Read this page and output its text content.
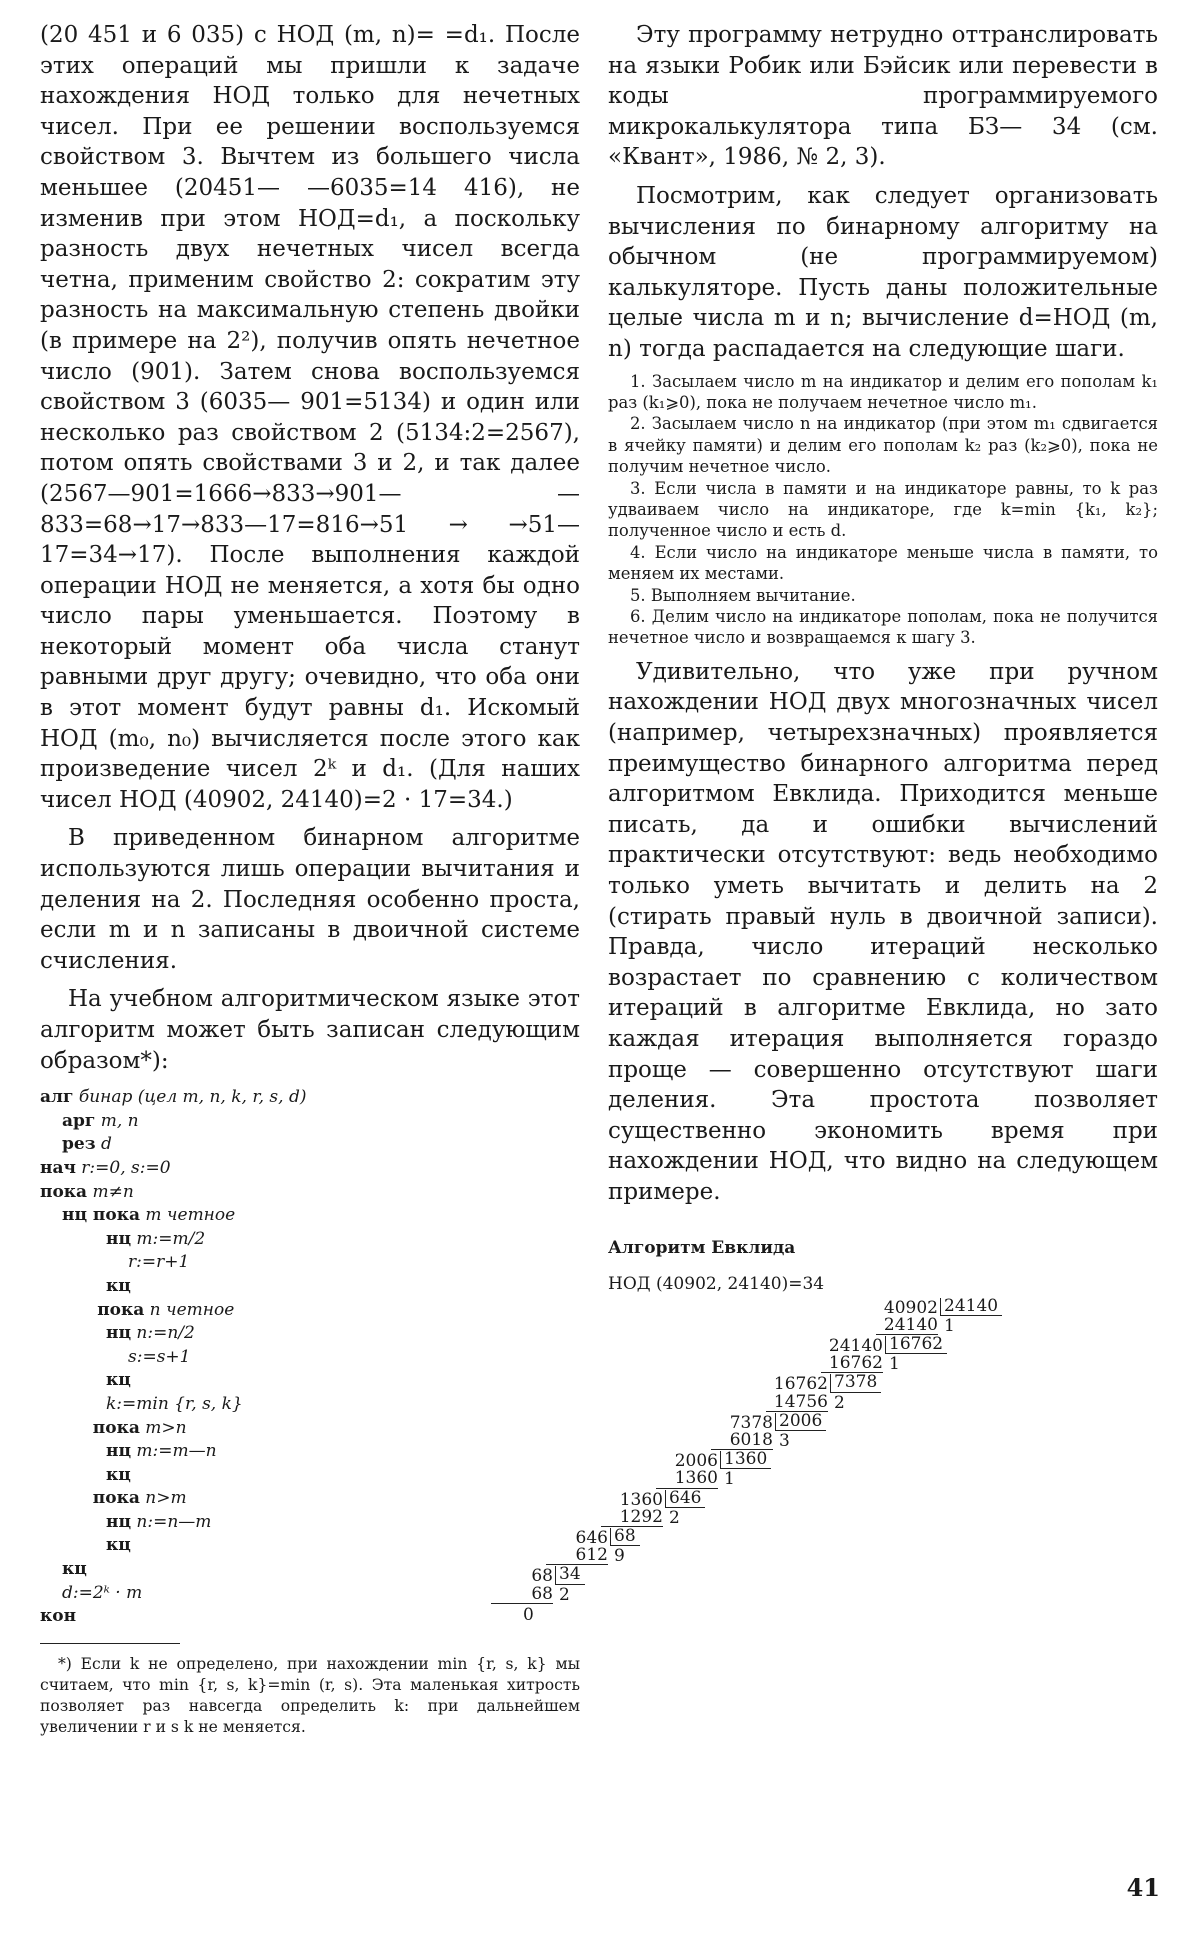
(20 451 и 6 035) с НОД (m, n)= =d₁. После этих операций мы пришли к задаче нахождения НОД только для нечетных чисел. При ее решении воспользуемся свойством 3. Вычтем из большего числа меньшее (20451— —6035=14 416), не изменив при этом НОД=d₁, а поскольку разность двух нечетных чисел всегда четна, применим свойство 2: сократим эту разность на максимальную степень двойки (в примере на 2²), получив опять нечетное число (901). Затем снова воспользуемся свойством 3 (6035— 901=5134) и один или несколько раз свойством 2 (5134:2=2567), потом опять свойствами 3 и 2, и так далее (2567—901=1666→833→901— —833=68→17→833—17=816→51 → →51—17=34→17). После выполнения каждой операции НОД не меняется, а хотя бы одно число пары уменьшается. Поэтому в некоторый момент оба числа станут равными друг другу; очевидно, что оба они в этот момент будут равны d₁. Искомый НОД (m₀, n₀) вычисляется после этого как произведение чисел 2ᵏ и d₁. (Для наших чисел НОД (40902, 24140)=2 · 17=34.)

В приведенном бинарном алгоритме используются лишь операции вычитания и деления на 2. Последняя особенно проста, если m и n записаны в двоичной системе счисления.

На учебном алгоритмическом языке этот алгоритм может быть записан следующим образом*):

алг бинар (цел m, n, k, r, s, d)
арг m, n
рез d
нач r:=0, s:=0
пока m≠n
нц пока m четное
нц m:=m/2
r:=r+1
кц
пока n четное
нц n:=n/2
s:=s+1
кц
k:=min {r, s, k}
пока m>n
нц m:=m—n
кц
пока n>m
нц n:=n—m
кц
кц
d:=2ᵏ · m
кон

*) Если k не определено, при нахождении min {r, s, k} мы считаем, что min {r, s, k}=min (r, s). Эта маленькая хитрость позволяет раз навсегда определить k: при дальнейшем увеличении r и s k не меняется.

Эту программу нетрудно оттранслировать на языки Робик или Бэйсик или перевести в коды программируемого микрокалькулятора типа БЗ— 34 (см. «Квант», 1986, № 2, 3).

Посмотрим, как следует организовать вычисления по бинарному алгоритму на обычном (не программируемом) калькуляторе. Пусть даны положительные целые числа m и n; вычисление d=НОД (m, n) тогда распадается на следующие шаги.

1. Засылаем число m на индикатор и делим его пополам k₁ раз (k₁⩾0), пока не получаем нечетное число m₁.

2. Засылаем число n на индикатор (при этом m₁ сдвигается в ячейку памяти) и делим его пополам k₂ раз (k₂⩾0), пока не получим нечетное число.

3. Если числа в памяти и на индикаторе равны, то k раз удваиваем число на индикаторе, где k=min {k₁, k₂}; полученное число и есть d.

4. Если число на индикаторе меньше числа в памяти, то меняем их местами.

5. Выполняем вычитание.

6. Делим число на индикаторе пополам, пока не получится нечетное число и возвращаемся к шагу 3.

Удивительно, что уже при ручном нахождении НОД двух многозначных чисел (например, четырехзначных) проявляется преимущество бинарного алгоритма перед алгоритмом Евклида. Приходится меньше писать, да и ошибки вычислений практически отсутствуют: ведь необходимо только уметь вычитать и делить на 2 (стирать правый нуль в двоичной записи). Правда, число итераций несколько возрастает по сравнению с количеством итераций в алгоритме Евклида, но зато каждая итерация выполняется гораздо проще — совершенно отсутствуют шаги деления. Эта простота позволяет существенно экономить время при нахождении НОД, что видно на следующем примере.

Алгоритм Евклида
НОД (40902, 24140)=34
40902 24140
24140 1
24140 16762
16762 1
16762 7378
14756 2
7378 2006
6018 3
2006 1360
1360 1
1360 646
1292 2
646 68
612 9
68 34
68 2
0
41
